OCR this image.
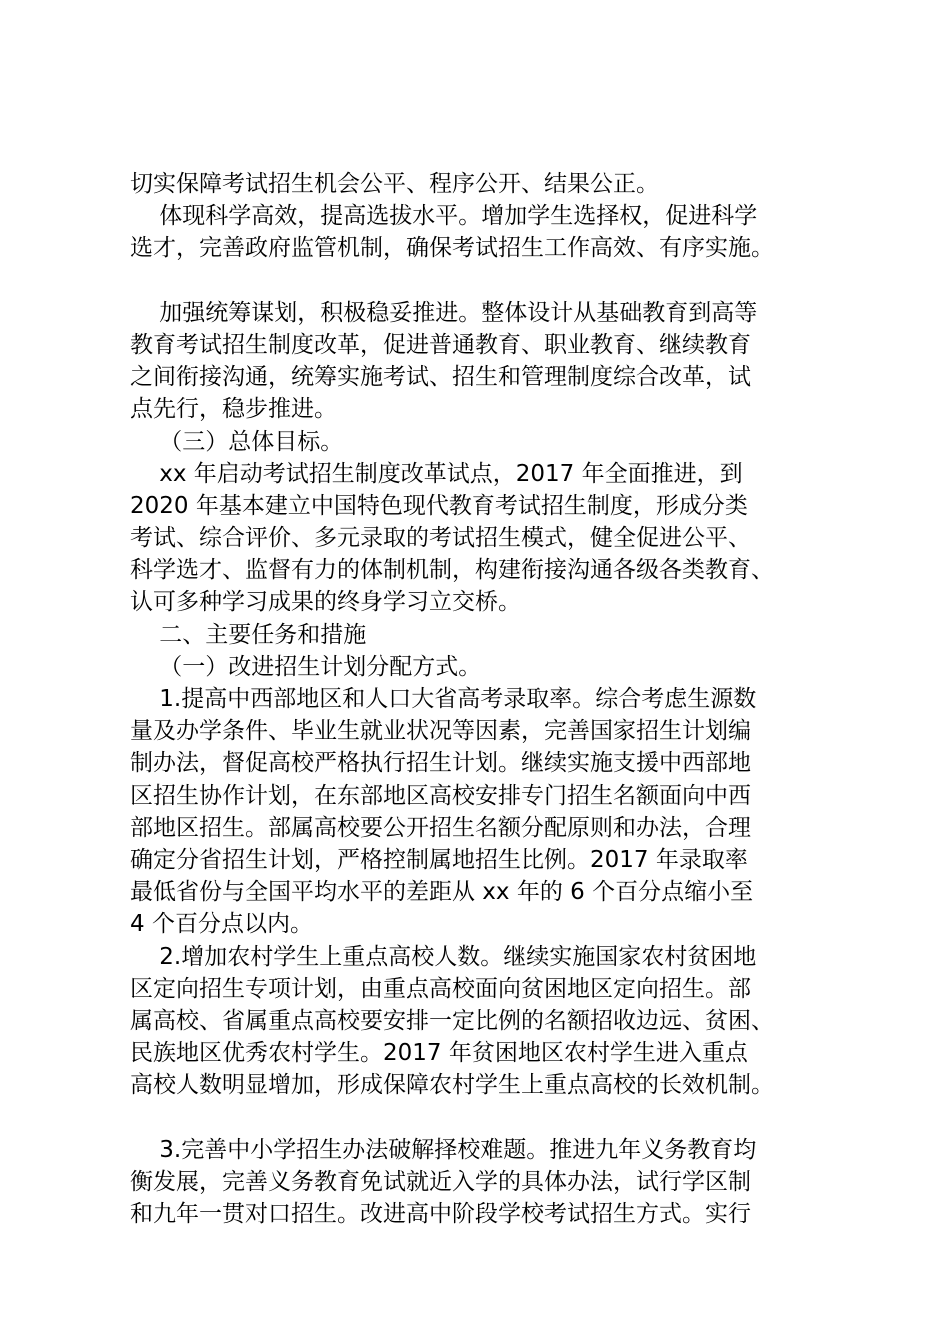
切实保障考试招生机会公平、程序公开、结果公正。
体现科学高效，提高选拔水平。增加学生选择权，促进科学
选才，完善政府监管机制，确保考试招生工作高效、有序实施。
加强统筹谋划，积极稳妥推进。整体设计从基础教育到高等
教育考试招生制度改革，促进普通教育、职业教育、继续教育
之间衔接沟通，统筹实施考试、招生和管理制度综合改革，试
点先行，稳步推进。
（三）总体目标。
xx 年启动考试招生制度改革试点，2017 年全面推进，到
2020 年基本建立中国特色现代教育考试招生制度，形成分类
考试、综合评价、多元录取的考试招生模式，健全促进公平、
科学选才、监督有力的体制机制，构建衔接沟通各级各类教育、
认可多种学习成果的终身学习立交桥。
二、主要任务和措施
（一）改进招生计划分配方式。
1.提高中西部地区和人口大省高考录取率。综合考虑生源数
量及办学条件、毕业生就业状况等因素，完善国家招生计划编
制办法，督促高校严格执行招生计划。继续实施支援中西部地
区招生协作计划，在东部地区高校安排专门招生名额面向中西
部地区招生。部属高校要公开招生名额分配原则和办法，合理
确定分省招生计划，严格控制属地招生比例。2017 年录取率
最低省份与全国平均水平的差距从 xx 年的 6 个百分点缩小至
4 个百分点以内。
2.增加农村学生上重点高校人数。继续实施国家农村贫困地
区定向招生专项计划，由重点高校面向贫困地区定向招生。部
属高校、省属重点高校要安排一定比例的名额招收边远、贫困、
民族地区优秀农村学生。2017 年贫困地区农村学生进入重点
高校人数明显增加，形成保障农村学生上重点高校的长效机制。
3.完善中小学招生办法破解择校难题。推进九年义务教育均
衡发展，完善义务教育免试就近入学的具体办法，试行学区制
和九年一贯对口招生。改进高中阶段学校考试招生方式。实行
